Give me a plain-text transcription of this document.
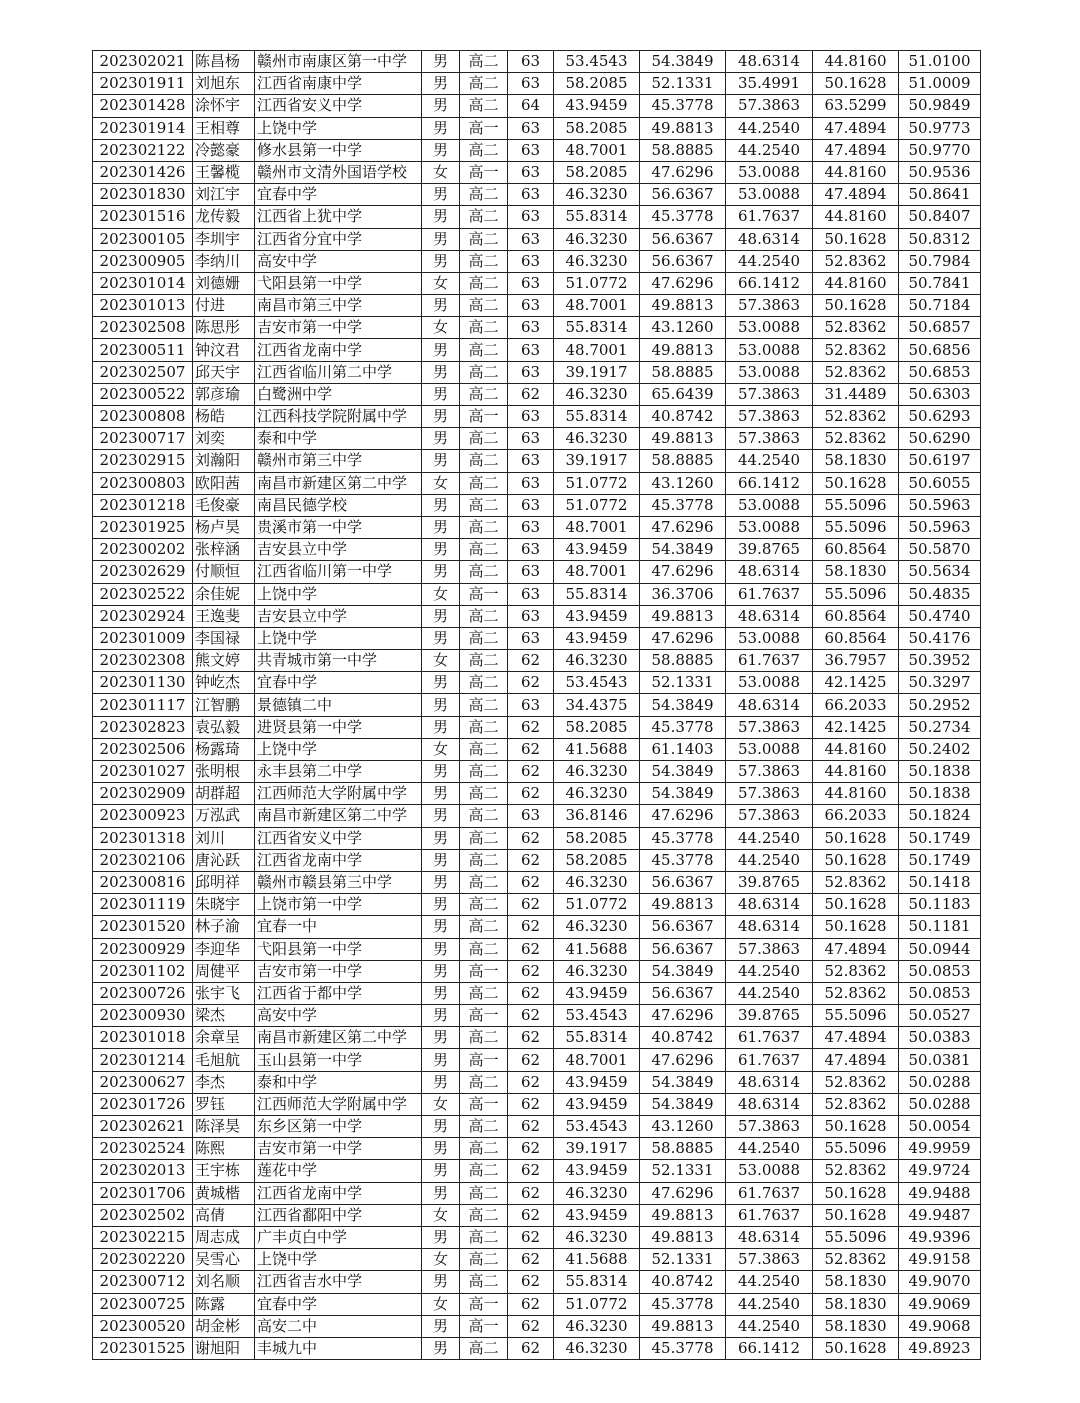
202302021	陈昌杨	赣州市南康区第一中学	男	高二	63	53.4543	54.3849	48.6314	44.8160	51.0100
202301911	刘旭东	江西省南康中学	男	高二	63	58.2085	52.1331	35.4991	50.1628	51.0009
202301428	涂怀宇	江西省安义中学	男	高二	64	43.9459	45.3778	57.3863	63.5299	50.9849
202301914	王相尊	上饶中学	男	高一	63	58.2085	49.8813	44.2540	47.4894	50.9773
202302122	冷懿豪	修水县第一中学	男	高二	63	48.7001	58.8885	44.2540	47.4894	50.9770
202301426	王馨榄	赣州市文清外国语学校	女	高一	63	58.2085	47.6296	53.0088	44.8160	50.9536
202301830	刘江宇	宜春中学	男	高二	63	46.3230	56.6367	53.0088	47.4894	50.8641
202301516	龙传毅	江西省上犹中学	男	高二	63	55.8314	45.3778	61.7637	44.8160	50.8407
202300105	李圳宇	江西省分宜中学	男	高二	63	46.3230	56.6367	48.6314	50.1628	50.8312
202300905	李纳川	高安中学	男	高二	63	46.3230	56.6367	44.2540	52.8362	50.7984
202301014	刘德姗	弋阳县第一中学	女	高二	63	51.0772	47.6296	66.1412	44.8160	50.7841
202301013	付进	南昌市第三中学	男	高二	63	48.7001	49.8813	57.3863	50.1628	50.7184
202302508	陈思彤	吉安市第一中学	女	高二	63	55.8314	43.1260	53.0088	52.8362	50.6857
202300511	钟汶君	江西省龙南中学	男	高二	63	48.7001	49.8813	53.0088	52.8362	50.6856
202302507	邱天宇	江西省临川第二中学	男	高二	63	39.1917	58.8885	53.0088	52.8362	50.6853
202300522	郭彦瑜	白鹭洲中学	男	高二	62	46.3230	65.6439	57.3863	31.4489	50.6303
202300808	杨皓	江西科技学院附属中学	男	高一	63	55.8314	40.8742	57.3863	52.8362	50.6293
202300717	刘奕	泰和中学	男	高二	63	46.3230	49.8813	57.3863	52.8362	50.6290
202302915	刘瀚阳	赣州市第三中学	男	高二	63	39.1917	58.8885	44.2540	58.1830	50.6197
202300803	欧阳茜	南昌市新建区第二中学	女	高二	63	51.0772	43.1260	66.1412	50.1628	50.6055
202301218	毛俊豪	南昌民德学校	男	高二	63	51.0772	45.3778	53.0088	55.5096	50.5963
202301925	杨卢昊	贵溪市第一中学	男	高二	63	48.7001	47.6296	53.0088	55.5096	50.5963
202300202	张梓涵	吉安县立中学	男	高二	63	43.9459	54.3849	39.8765	60.8564	50.5870
202302629	付顺恒	江西省临川第一中学	男	高二	63	48.7001	47.6296	48.6314	58.1830	50.5634
202302522	余佳妮	上饶中学	女	高一	63	55.8314	36.3706	61.7637	55.5096	50.4835
202302924	王逸斐	吉安县立中学	男	高二	63	43.9459	49.8813	48.6314	60.8564	50.4740
202301009	李国禄	上饶中学	男	高二	63	43.9459	47.6296	53.0088	60.8564	50.4176
202302308	熊文婷	共青城市第一中学	女	高二	62	46.3230	58.8885	61.7637	36.7957	50.3952
202301130	钟屹杰	宜春中学	男	高二	62	53.4543	52.1331	53.0088	42.1425	50.3297
202301117	江智鹏	景德镇二中	男	高二	63	34.4375	54.3849	48.6314	66.2033	50.2952
202302823	袁弘毅	进贤县第一中学	男	高二	62	58.2085	45.3778	57.3863	42.1425	50.2734
202302506	杨露琦	上饶中学	女	高二	62	41.5688	61.1403	53.0088	44.8160	50.2402
202301027	张明根	永丰县第二中学	男	高二	62	46.3230	54.3849	57.3863	44.8160	50.1838
202302909	胡群超	江西师范大学附属中学	男	高二	62	46.3230	54.3849	57.3863	44.8160	50.1838
202300923	万泓武	南昌市新建区第二中学	男	高二	63	36.8146	47.6296	57.3863	66.2033	50.1824
202301318	刘川	江西省安义中学	男	高二	62	58.2085	45.3778	44.2540	50.1628	50.1749
202302106	唐沁跃	江西省龙南中学	男	高二	62	58.2085	45.3778	44.2540	50.1628	50.1749
202300816	邱明祥	赣州市赣县第三中学	男	高二	62	46.3230	56.6367	39.8765	52.8362	50.1418
202301119	朱晓宇	上饶市第一中学	男	高二	62	51.0772	49.8813	48.6314	50.1628	50.1183
202301520	林子渝	宜春一中	男	高二	62	46.3230	56.6367	48.6314	50.1628	50.1181
202300929	李迎华	弋阳县第一中学	男	高二	62	41.5688	56.6367	57.3863	47.4894	50.0944
202301102	周健平	吉安市第一中学	男	高一	62	46.3230	54.3849	44.2540	52.8362	50.0853
202300726	张宇飞	江西省于都中学	男	高二	62	43.9459	56.6367	44.2540	52.8362	50.0853
202300930	梁杰	高安中学	男	高一	62	53.4543	47.6296	39.8765	55.5096	50.0527
202301018	余章呈	南昌市新建区第二中学	男	高二	62	55.8314	40.8742	61.7637	47.4894	50.0383
202301214	毛旭航	玉山县第一中学	男	高一	62	48.7001	47.6296	61.7637	47.4894	50.0381
202300627	李杰	泰和中学	男	高二	62	43.9459	54.3849	48.6314	52.8362	50.0288
202301726	罗钰	江西师范大学附属中学	女	高一	62	43.9459	54.3849	48.6314	52.8362	50.0288
202302621	陈泽昊	东乡区第一中学	男	高二	62	53.4543	43.1260	57.3863	50.1628	50.0054
202302524	陈熙	吉安市第一中学	男	高二	62	39.1917	58.8885	44.2540	55.5096	49.9959
202302013	王宇栋	莲花中学	男	高二	62	43.9459	52.1331	53.0088	52.8362	49.9724
202301706	黄城楷	江西省龙南中学	男	高二	62	46.3230	47.6296	61.7637	50.1628	49.9488
202302502	高倩	江西省鄱阳中学	女	高二	62	43.9459	49.8813	61.7637	50.1628	49.9487
202302215	周志成	广丰贞白中学	男	高二	62	46.3230	49.8813	48.6314	55.5096	49.9396
202302220	吴雪心	上饶中学	女	高二	62	41.5688	52.1331	57.3863	52.8362	49.9158
202300712	刘名顺	江西省吉水中学	男	高二	62	55.8314	40.8742	44.2540	58.1830	49.9070
202300725	陈露	宜春中学	女	高一	62	51.0772	45.3778	44.2540	58.1830	49.9069
202300520	胡金彬	高安二中	男	高一	62	46.3230	49.8813	44.2540	58.1830	49.9068
202301525	谢旭阳	丰城九中	男	高二	62	46.3230	45.3778	66.1412	50.1628	49.8923
